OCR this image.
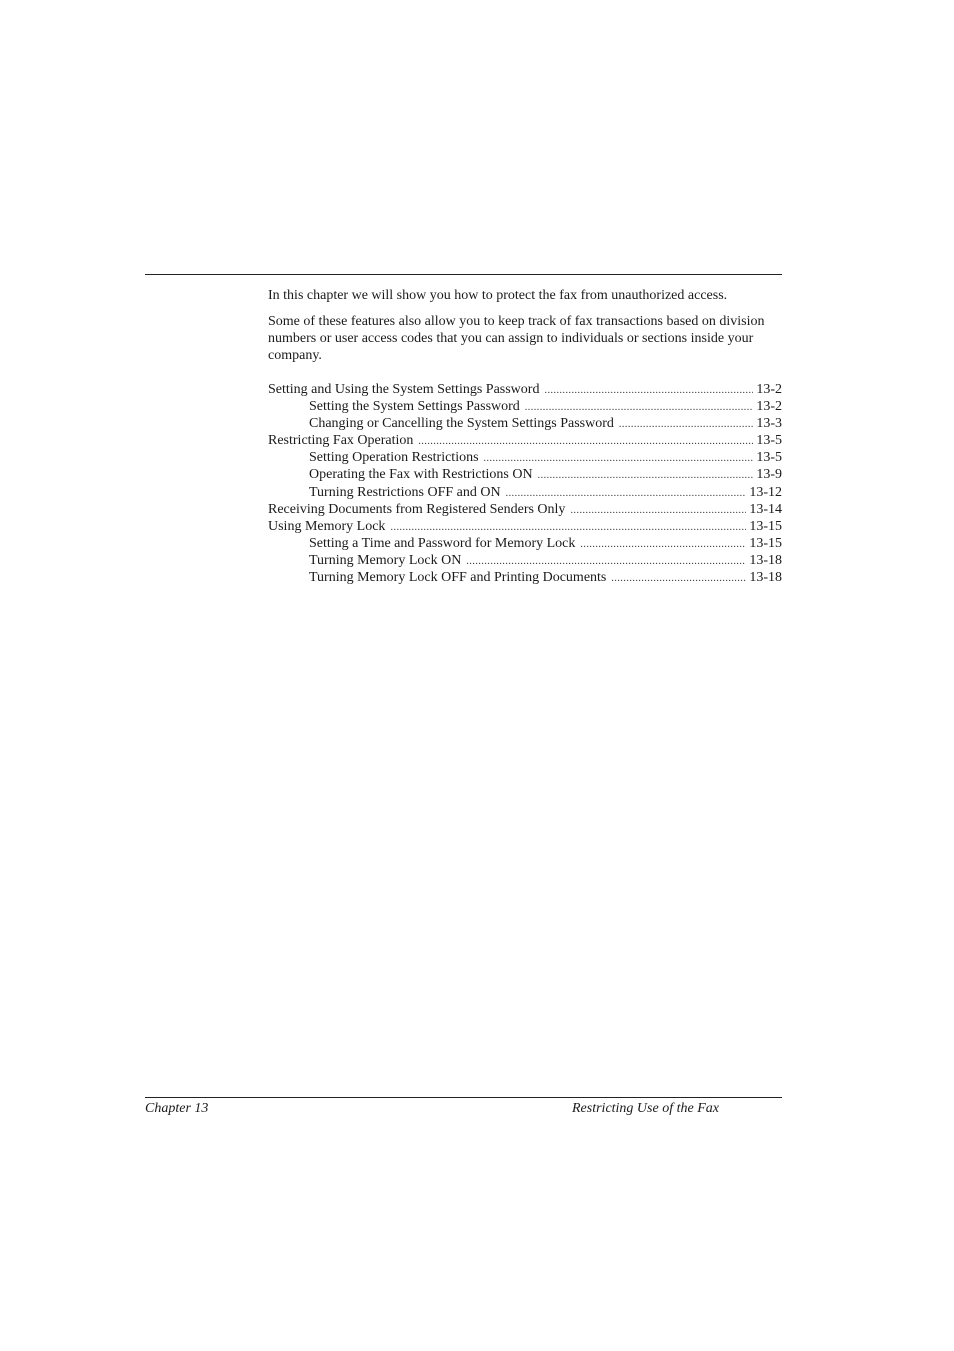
In this chapter we will show you how to protect the fax from unauthorized access.

Some of these features also allow you to keep track of fax transactions based on division numbers or user access codes that you can assign to individuals or sections inside your company.

Setting and Using the System Settings Password .....	13-2
Setting the System Settings Password .....	13-2
Changing or Cancelling the System Settings Password .....	13-3
Restricting Fax Operation .....	13-5
Setting Operation Restrictions .....	13-5
Operating the Fax with Restrictions ON .....	13-9
Turning Restrictions OFF and ON .....	13-12
Receiving Documents from Registered Senders Only .....	13-14
Using Memory Lock .....	13-15
Setting a Time and Password for Memory Lock .....	13-15
Turning Memory Lock ON .....	13-18
Turning Memory Lock OFF and Printing Documents .....	13-18
Chapter 13	Restricting Use of the Fax
